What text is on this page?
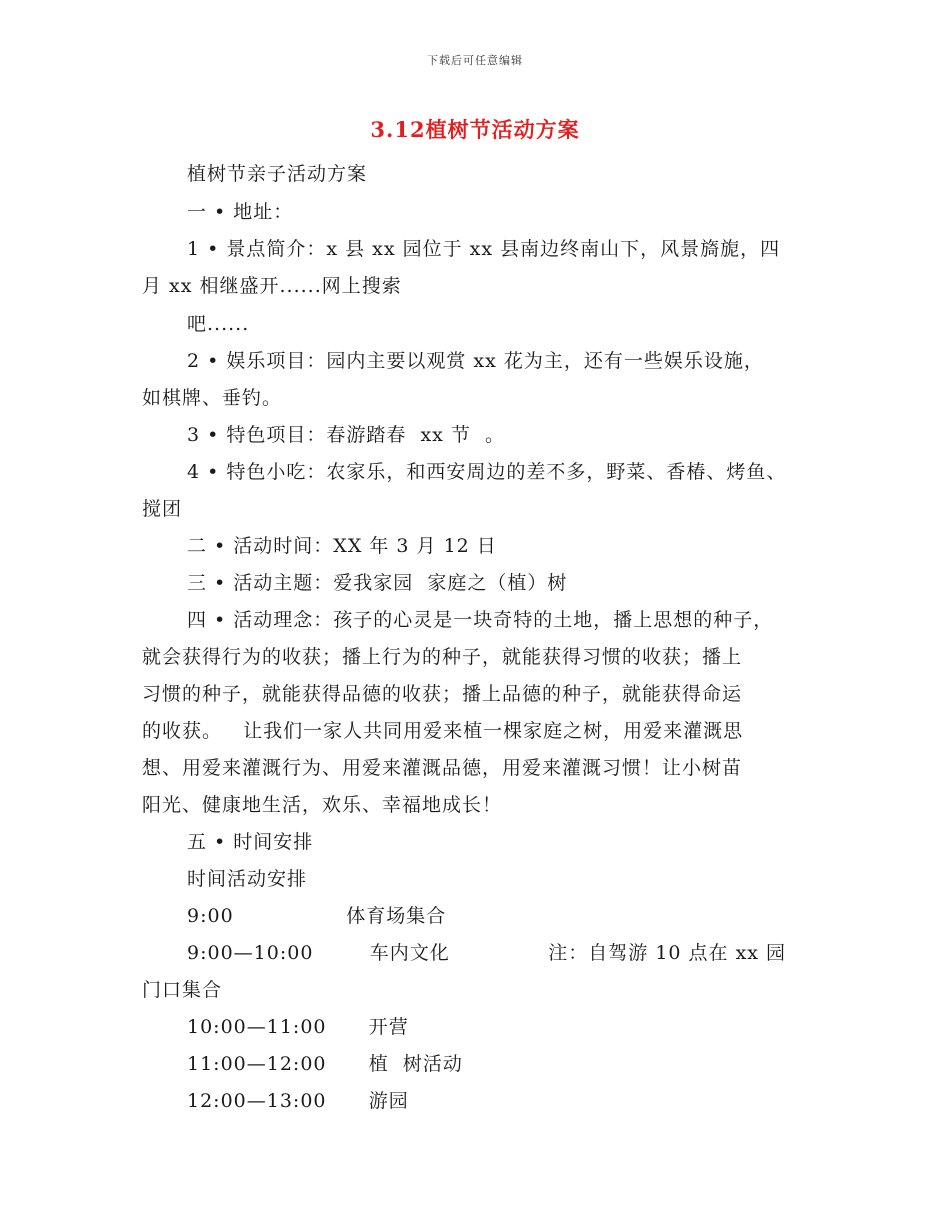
下载后可任意编辑
3.12植树节活动方案
植树节亲子活动方案
一 • 地址：
1 • 景点简介：x 县 xx 园位于 xx 县南边终南山下，风景旖旎，四
月 xx 相继盛开......网上搜索
吧......
2 • 娱乐项目：园内主要以观赏 xx 花为主，还有一些娱乐设施，
如棋牌、垂钓。
3 • 特色项目：春游踏春  xx 节  。
4 • 特色小吃：农家乐，和西安周边的差不多，野菜、香椿、烤鱼、
搅团
二 • 活动时间：XX 年 3 月 12 日
三 • 活动主题：爱我家园  家庭之（植）树
四 • 活动理念：孩子的心灵是一块奇特的土地，播上思想的种子，
就会获得行为的收获；播上行为的种子，就能获得习惯的收获；播上
习惯的种子，就能获得品德的收获；播上品德的种子，就能获得命运
的收获。   让我们一家人共同用爱来植一棵家庭之树，用爱来灌溉思
想、用爱来灌溉行为、用爱来灌溉品德，用爱来灌溉习惯！让小树苗
阳光、健康地生活，欢乐、幸福地成长！
五 • 时间安排
时间活动安排
9:00                体育场集合
9:00—10:00        车内文化              注：自驾游 10 点在 xx 园
门口集合
10:00—11:00      开营
11:00—12:00      植  树活动
12:00—13:00      游园
